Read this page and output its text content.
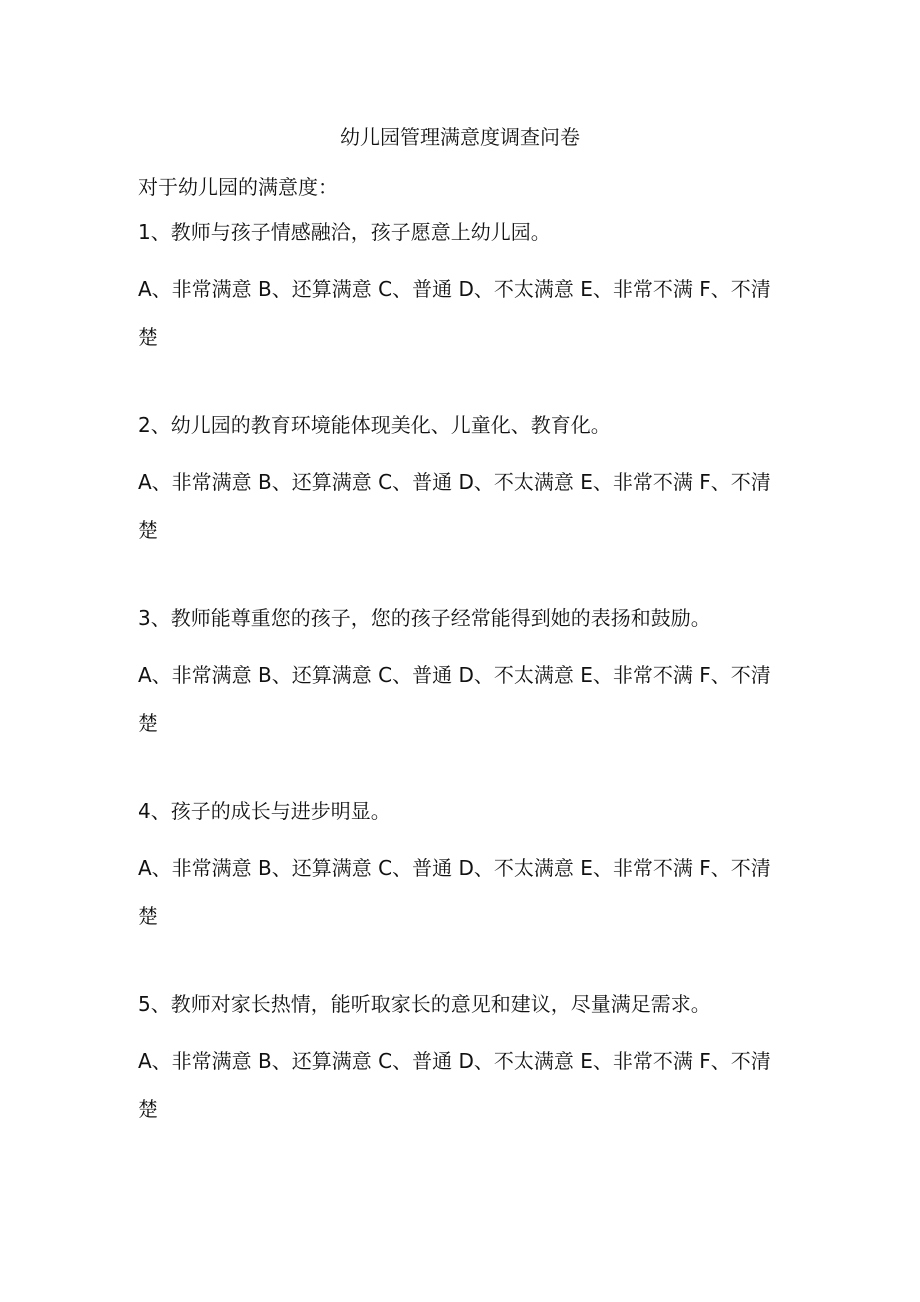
幼儿园管理满意度调查问卷
对于幼儿园的满意度：

1、教师与孩子情感融洽，孩子愿意上幼儿园。

A、非常满意 B、还算满意 C、普通 D、不太满意 E、非常不满 F、不清楚

2、幼儿园的教育环境能体现美化、儿童化、教育化。

A、非常满意 B、还算满意 C、普通 D、不太满意 E、非常不满 F、不清楚

3、教师能尊重您的孩子，您的孩子经常能得到她的表扬和鼓励。

A、非常满意 B、还算满意 C、普通 D、不太满意 E、非常不满 F、不清楚

4、孩子的成长与进步明显。

A、非常满意 B、还算满意 C、普通 D、不太满意 E、非常不满 F、不清楚

5、教师对家长热情，能听取家长的意见和建议，尽量满足需求。

A、非常满意 B、还算满意 C、普通 D、不太满意 E、非常不满 F、不清楚
